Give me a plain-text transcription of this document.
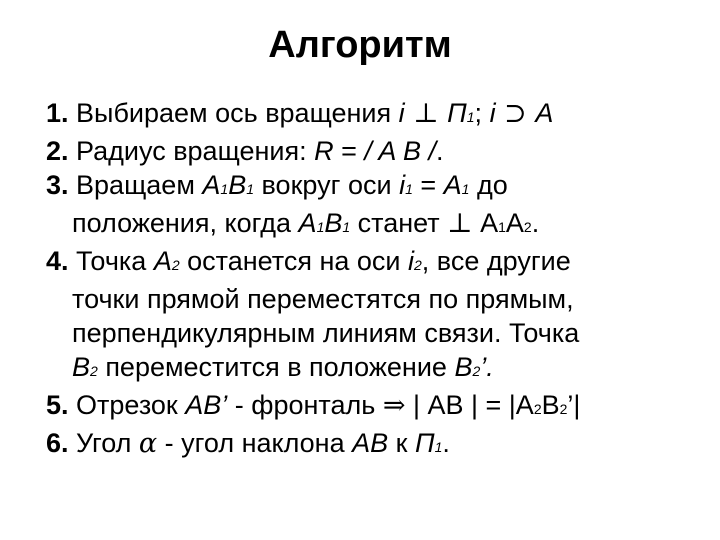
Алгоритм
1. Выбираем ось вращения i ⊥ П1; i ⊃ A
2. Радиус вращения: R = / A B /.
3. Вращаем A1B1 вокруг оси i1 = A1 до
положения, когда A1B1 станет ⊥ A1A2.
4. Точка A2 останется на оси i2, все другие
точки прямой переместятся по прямым,
перпендикулярным линиям связи. Точка
B2 переместится в положение B2’.
5. Отрезок AB’ - фронталь ⇒ | AB | = |A2B2’|
6. Угол α - угол наклона AB к П1.
